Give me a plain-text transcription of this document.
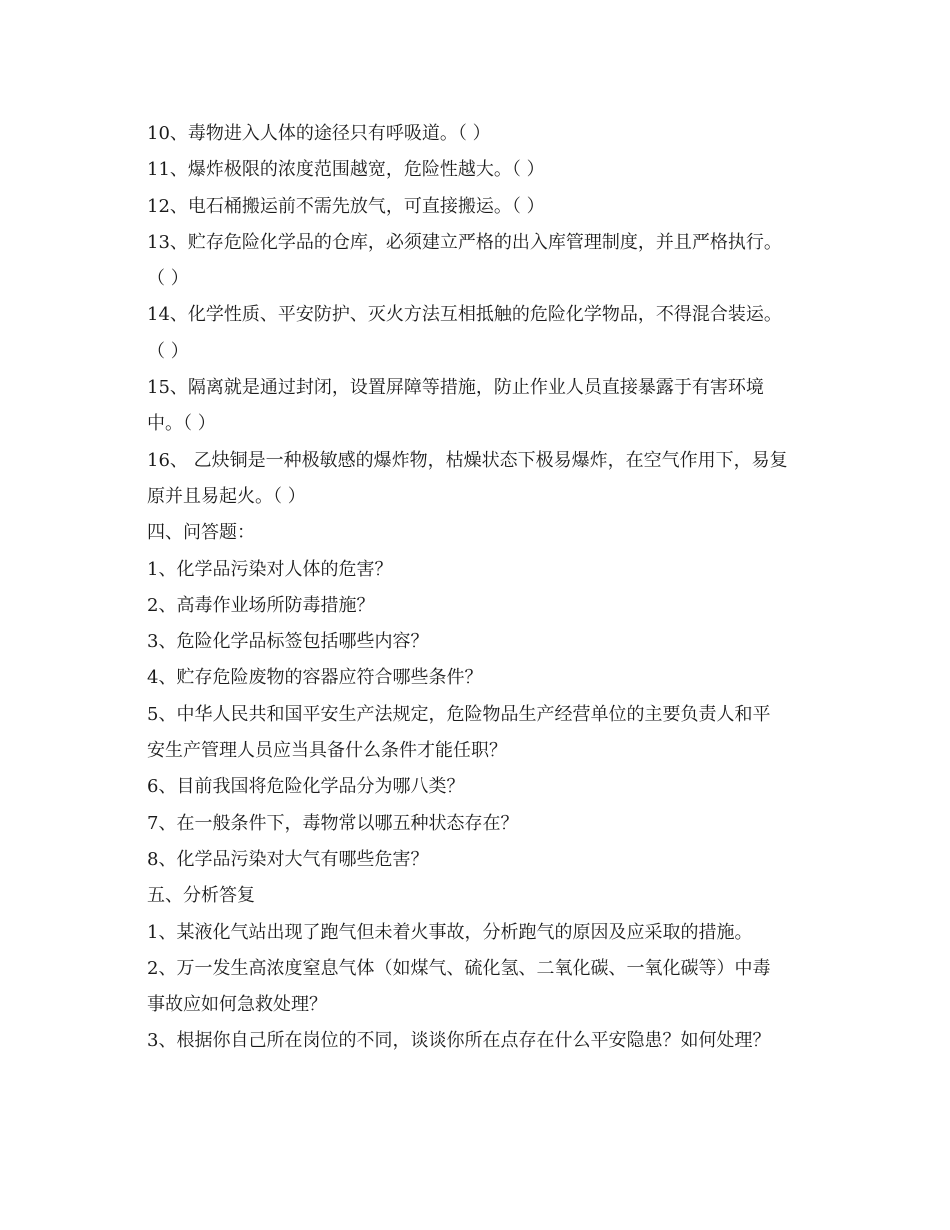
10、毒物进入人体的途径只有呼吸道。（ ）
11、爆炸极限的浓度范围越宽，危险性越大。（ ）
12、电石桶搬运前不需先放气，可直接搬运。（ ）
13、贮存危险化学品的仓库，必须建立严格的出入库管理制度，并且严格执行。
（ ）
14、化学性质、平安防护、灭火方法互相抵触的危险化学物品，不得混合装运。
（ ）
15、隔离就是通过封闭，设置屏障等措施，防止作业人员直接暴露于有害环境
中。（ ）
16、 乙炔铜是一种极敏感的爆炸物，枯燥状态下极易爆炸，在空气作用下，易复
原并且易起火。（ ）
四、问答题：
1、化学品污染对人体的危害？
2、高毒作业场所防毒措施？
3、危险化学品标签包括哪些内容？
4、贮存危险废物的容器应符合哪些条件？
5、中华人民共和国平安生产法规定，危险物品生产经营单位的主要负责人和平
安生产管理人员应当具备什么条件才能任职？
6、目前我国将危险化学品分为哪八类？
7、在一般条件下，毒物常以哪五种状态存在？
8、化学品污染对大气有哪些危害？
五、分析答复
1、某液化气站出现了跑气但未着火事故，分析跑气的原因及应采取的措施。
2、万一发生高浓度窒息气体（如煤气、硫化氢、二氧化碳、一氧化碳等）中毒
事故应如何急救处理？
3、根据你自己所在岗位的不同，谈谈你所在点存在什么平安隐患？如何处理？
